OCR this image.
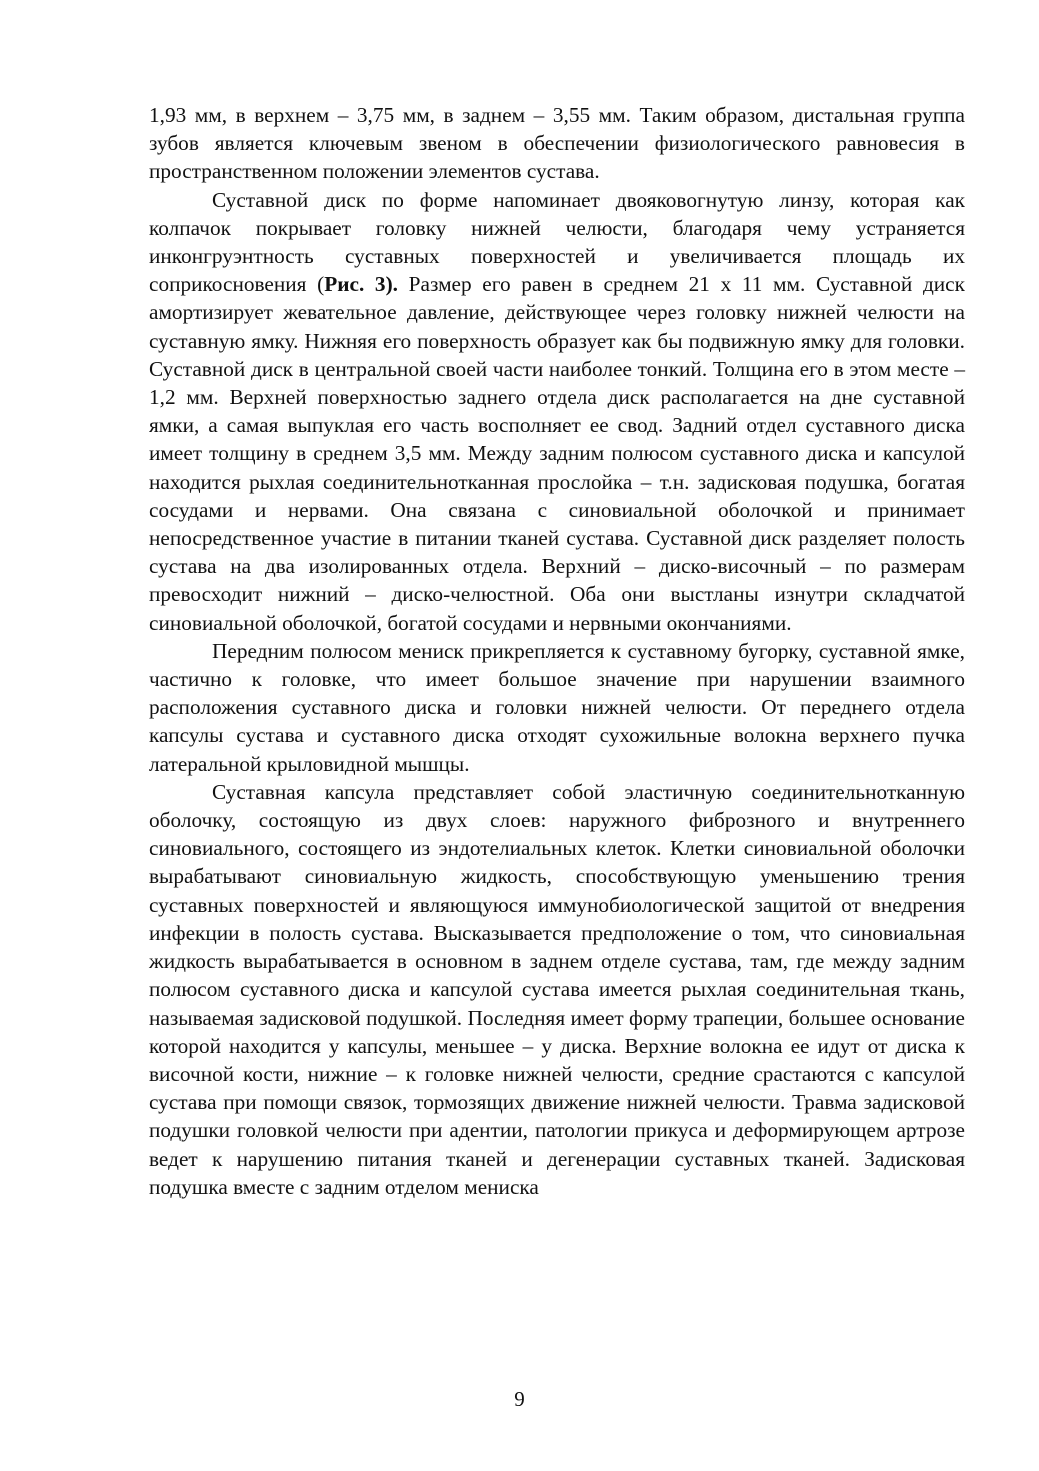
1,93 мм, в верхнем – 3,75 мм, в заднем – 3,55 мм. Таким образом, дистальная группа зубов является ключевым звеном в обеспечении физиологического равновесия в пространственном положении элементов сустава.

Суставной диск по форме напоминает двояковогнутую линзу, которая как колпачок покрывает головку нижней челюсти, благодаря чему устраняется инконгруэнтность суставных поверхностей и увеличивается площадь их соприкосновения (Рис. 3). Размер его равен в среднем 21 х 11 мм. Суставной диск амортизирует жевательное давление, действующее через головку нижней челюсти на суставную ямку. Нижняя его поверхность образует как бы подвижную ямку для головки. Суставной диск в центральной своей части наиболее тонкий. Толщина его в этом месте – 1,2 мм. Верхней поверхностью заднего отдела диск располагается на дне суставной ямки, а самая выпуклая его часть восполняет ее свод. Задний отдел суставного диска имеет толщину в среднем 3,5 мм. Между задним полюсом суставного диска и капсулой находится рыхлая соединительнотканная прослойка – т.н. задисковая подушка, богатая сосудами и нервами. Она связана с синовиальной оболочкой и принимает непосредственное участие в питании тканей сустава. Суставной диск разделяет полость сустава на два изолированных отдела. Верхний – диско-височный – по размерам превосходит нижний – диско-челюстной. Оба они выстланы изнутри складчатой синовиальной оболочкой, богатой сосудами и нервными окончаниями.

Передним полюсом мениск прикрепляется к суставному бугорку, суставной ямке, частично к головке, что имеет большое значение при нарушении взаимного расположения суставного диска и головки нижней челюсти. От переднего отдела капсулы сустава и суставного диска отходят сухожильные волокна верхнего пучка латеральной крыловидной мышцы.

Суставная капсула представляет собой эластичную соединительнотканную оболочку, состоящую из двух слоев: наружного фиброзного и внутреннего синовиального, состоящего из эндотелиальных клеток. Клетки синовиальной оболочки вырабатывают синовиальную жидкость, способствующую уменьшению трения суставных поверхностей и являющуюся иммунобиологической защитой от внедрения инфекции в полость сустава. Высказывается предположение о том, что синовиальная жидкость вырабатывается в основном в заднем отделе сустава, там, где между задним полюсом суставного диска и капсулой сустава имеется рыхлая соединительная ткань, называемая задисковой подушкой. Последняя имеет форму трапеции, большее основание которой находится у капсулы, меньшее – у диска. Верхние волокна ее идут от диска к височной кости, нижние – к головке нижней челюсти, средние срастаются с капсулой сустава при помощи связок, тормозящих движение нижней челюсти. Травма задисковой подушки головкой челюсти при адентии, патологии прикуса и деформирующем артрозе ведет к нарушению питания тканей и дегенерации суставных тканей. Задисковая подушка вместе с задним отделом мениска

9
